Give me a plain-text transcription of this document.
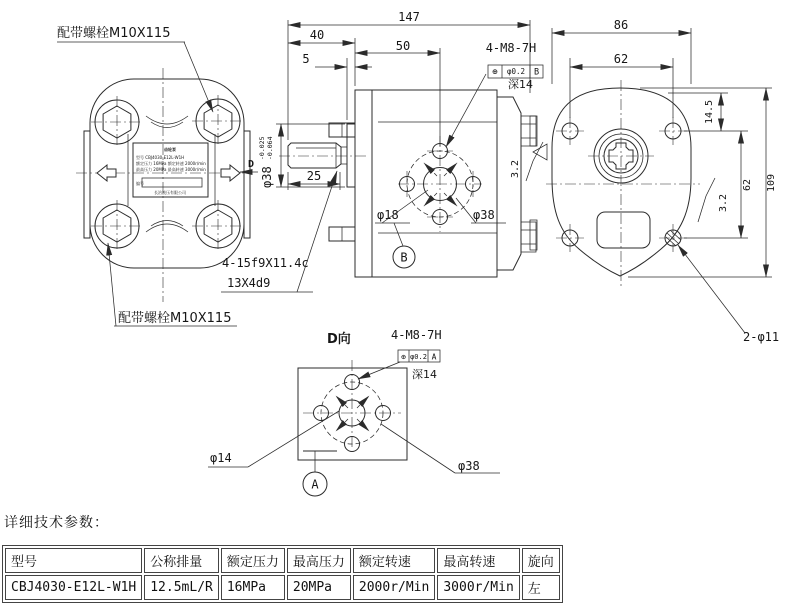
齿轮泵
型号 CBJ4030-E12L-W1H
额定压力 16MPa 额定转速 2000r/min
最高压力 20MPa 最高转速 3000r/min
编号
长治液压有限公司
配带螺栓M10X115
配带螺栓M10X115
4-15f9X11.4c
13X4d9
147
40
50
5
25
φ38
-0.025 -0.064
4-M8-7H
⊕ φ0.2 B
深14
φ18
B
φ38
3.2
D
86
62
14.5
62 109
2-φ11
3.2
D向	4-M8-7H
⊕ φ0.2 A
深14
φ14
φ38
A
详细技术参数：
型号	公称排量	额定压力	最高压力	额定转速	最高转速	旋向
CBJ4030-E12L-W1H	12.5mL/R	16MPa	20MPa	2000r/Min	3000r/Min	左
